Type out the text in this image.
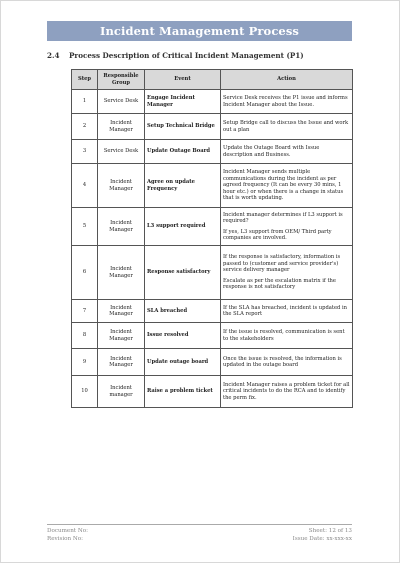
Incident Management Process
2.4 Process Description of Critical Incident Management (P1)
Step	Responsible Group	Event	Action
1	Service Desk	Engage Incident Manager	Service Desk receives the P1 issue and informs Incident Manager about the Issue.

2	Incident Manager	Setup Technical Bridge	Setup Bridge call to discuss the Issue and work out a plan

3	Service Desk	Update Outage Board	Update the Outage Board with Issue description and Business.

4	Incident Manager	Agree on update Frequency	Incident Manager sends multiple communications during the incident as per agreed frequency (It can be every 30 mins, 1 hour etc.) or when there is a change in status that is worth updating.

5	Incident Manager	L3 support required	Incident manager determines if L3 support is required?

If yes, L3 support from OEM/ Third party companies are involved.

6	Incident Manager	Response satisfactory	If the response is satisfactory, information is passed to (customer and service provider's) service delivery manager

Escalate as per the escalation matrix if the response is not satisfactory

7	Incident Manager	SLA breached	If the SLA has breached, incident is updated in the SLA report

8	Incident Manager	Issue resolved	If the issue is resolved, communication is sent to the stakeholders

9	Incident Manager	Update outage board	Once the issue is resolved, the information is updated in the outage board

10	Incident manager	Raise a problem ticket	Incident Manager raises a problem ticket for all critical incidents to do the RCA and to identify the perm fix.

Document No:
Revision No:
Sheet: 12 of 13
Issue Date: xx-xxx-xx
